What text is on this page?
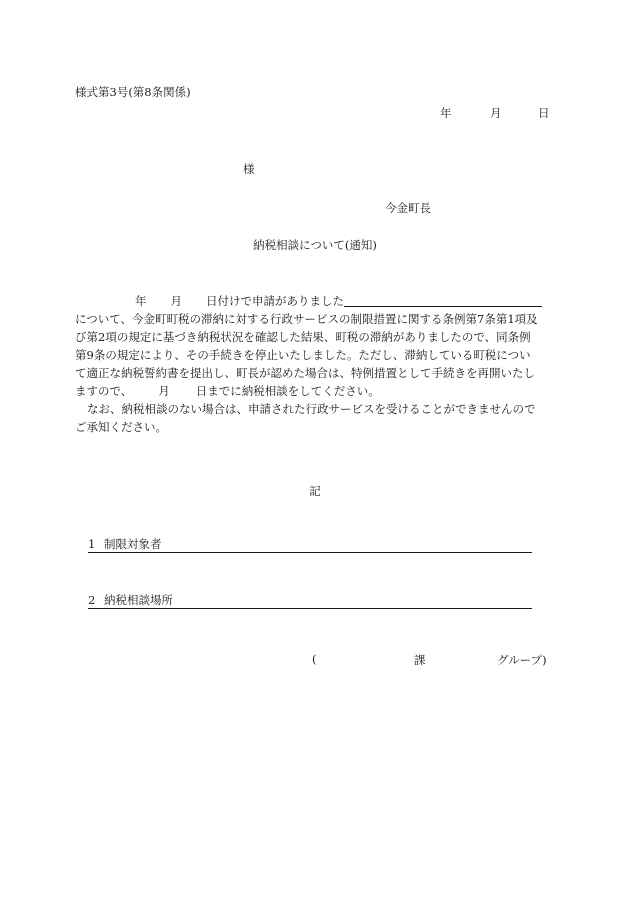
様式第3号(第8条関係)
年	月	日
様
今金町長
納税相談について(通知)
年 月 日付けで申請がありました
について、今金町町税の滞納に対する行政サービスの制限措置に関する条例第7条第1項及
び第2項の規定に基づき納税状況を確認した結果、町税の滞納がありましたので、同条例
第9条の規定により、その手続きを停止いたしました。ただし、滞納している町税につい
て適正な納税誓約書を提出し、町長が認めた場合は、特例措置として手続きを再開いたし
ますので、 月 日までに納税相談をしてください。
なお、納税相談のない場合は、申請された行政サービスを受けることができませんので
ご承知ください。
記
1 制限対象者
2 納税相談場所
(	課	グループ)
